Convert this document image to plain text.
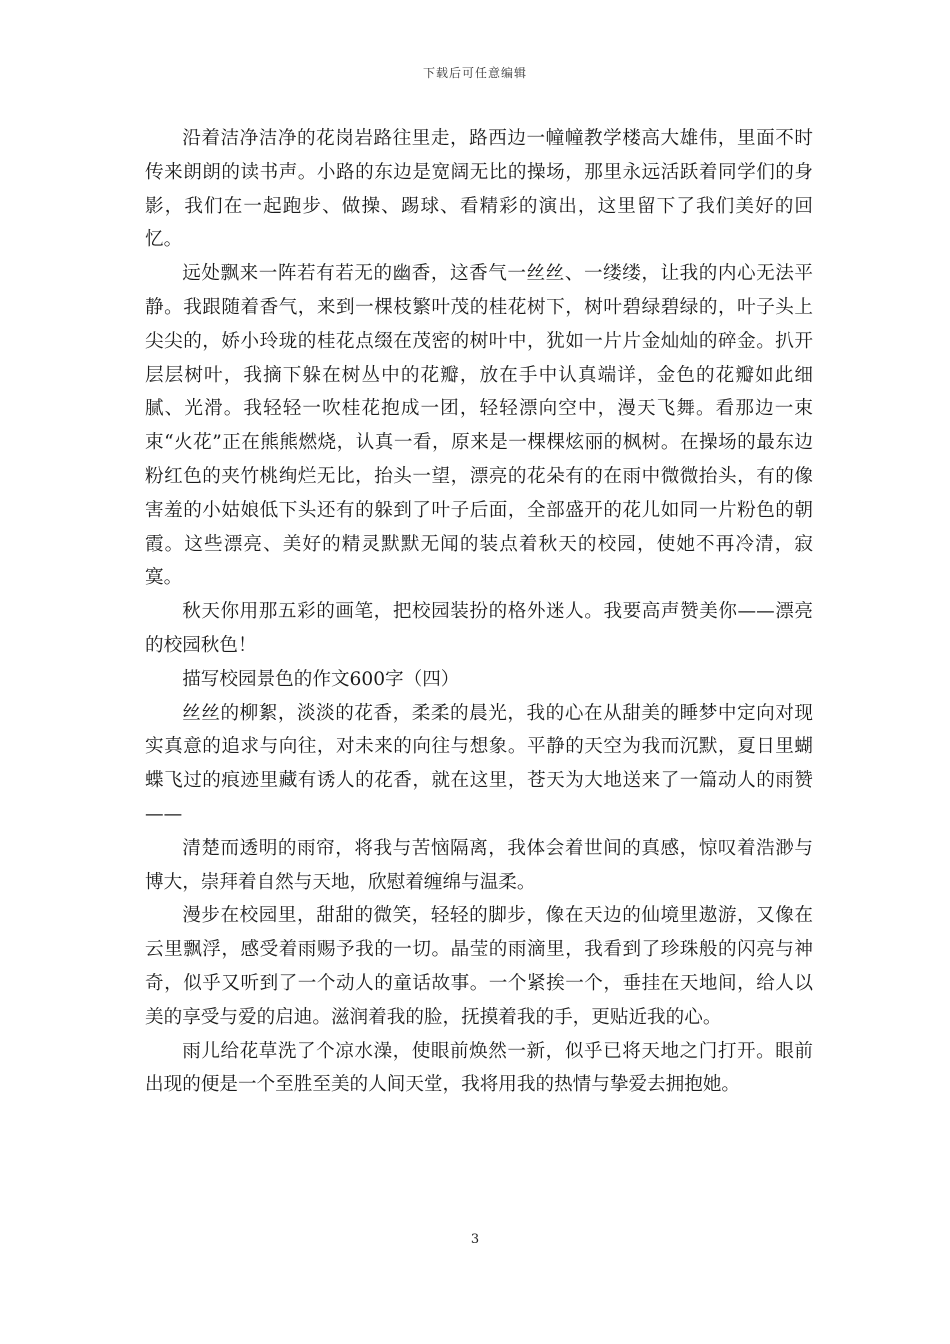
下载后可任意编辑

沿着洁净洁净的花岗岩路往里走，路西边一幢幢教学楼高大雄伟，里面不时传来朗朗的读书声。小路的东边是宽阔无比的操场，那里永远活跃着同学们的身影，我们在一起跑步、做操、踢球、看精彩的演出，这里留下了我们美好的回忆。

远处飘来一阵若有若无的幽香，这香气一丝丝、一缕缕，让我的内心无法平静。我跟随着香气，来到一棵枝繁叶茂的桂花树下，树叶碧绿碧绿的，叶子头上尖尖的，娇小玲珑的桂花点缀在茂密的树叶中，犹如一片片金灿灿的碎金。扒开层层树叶，我摘下躲在树丛中的花瓣，放在手中认真端详，金色的花瓣如此细腻、光滑。我轻轻一吹桂花抱成一团，轻轻漂向空中，漫天飞舞。看那边一束束“火花”正在熊熊燃烧，认真一看，原来是一棵棵炫丽的枫树。在操场的最东边粉红色的夹竹桃绚烂无比，抬头一望，漂亮的花朵有的在雨中微微抬头，有的像害羞的小姑娘低下头还有的躲到了叶子后面，全部盛开的花儿如同一片粉色的朝霞。这些漂亮、美好的精灵默默无闻的装点着秋天的校园，使她不再冷清，寂寞。

秋天你用那五彩的画笔，把校园装扮的格外迷人。我要高声赞美你——漂亮的校园秋色！

描写校园景色的作文600字（四）

丝丝的柳絮，淡淡的花香，柔柔的晨光，我的心在从甜美的睡梦中定向对现实真意的追求与向往，对未来的向往与想象。平静的天空为我而沉默，夏日里蝴蝶飞过的痕迹里藏有诱人的花香，就在这里，苍天为大地送来了一篇动人的雨赞——

清楚而透明的雨帘，将我与苦恼隔离，我体会着世间的真感，惊叹着浩渺与博大，崇拜着自然与天地，欣慰着缠绵与温柔。

漫步在校园里，甜甜的微笑，轻轻的脚步，像在天边的仙境里遨游，又像在云里飘浮，感受着雨赐予我的一切。晶莹的雨滴里，我看到了珍珠般的闪亮与神奇，似乎又听到了一个动人的童话故事。一个紧挨一个，垂挂在天地间，给人以美的享受与爱的启迪。滋润着我的脸，抚摸着我的手，更贴近我的心。

雨儿给花草洗了个凉水澡，使眼前焕然一新，似乎已将天地之门打开。眼前出现的便是一个至胜至美的人间天堂，我将用我的热情与挚爱去拥抱她。

3
